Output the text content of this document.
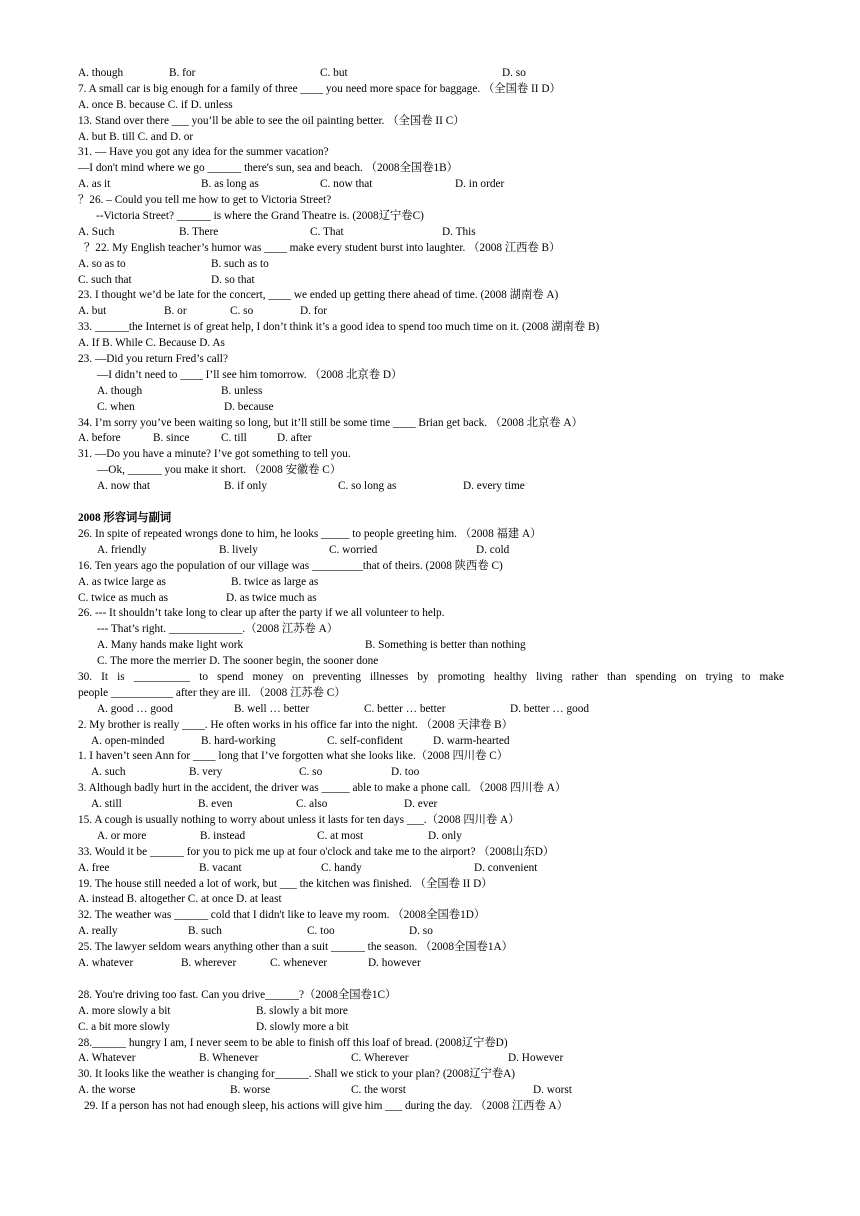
A. though	B. for	C. but	D. so
7. A small car is big enough for a family of three ____ you need more space for baggage. （全国卷 II D）
A. once B. because C. if D. unless
13. Stand over there ___ you’ll be able to see the oil painting better. （全国卷 II C）
A. but B. till C. and D. or
31. — Have you got any idea for the summer vacation?
—I don't mind where we go ______ there's sun, sea and beach. （2008全国卷1B）
A. as it	B. as long as	C. now that	D. in order
？26. – Could you tell me how to get to Victoria Street?
--Victoria Street? ______ is where the Grand Theatre is. (2008辽宁卷C)
A. Such	B. There	C. That	D. This
？22. My English teacher’s humor was ____ make every student burst into laughter. （2008 江西卷 B）
A. so as to	B. such as to
C. such that	D. so that
23. I thought we’d be late for the concert, ____ we ended up getting there ahead of time. (2008 湖南卷 A)
A. but	B. or	C. so	D. for
33. ______the Internet is of great help, I don’t think it’s a good idea to spend too much time on it. (2008 湖南卷 B)
A. If B. While C. Because D. As
23. —Did you return Fred’s call?
—I didn’t need to ____ I’ll see him tomorrow. （2008 北京卷 D）
A. though	B. unless
C. when	D. because
34. I’m sorry you’ve been waiting so long, but it’ll still be some time ____ Brian get back. （2008 北京卷 A）
A. before	B. since	C. till	D. after
31. —Do you have a minute? I’ve got something to tell you.
—Ok, ______ you make it short. （2008 安徽卷 C）
A. now that	B. if only	C. so long as	D. every time
2008 形容词与副词
26. In spite of repeated wrongs done to him, he looks _____ to people greeting him. （2008 福建 A）
A. friendly	B. lively	C. worried	D. cold
16. Ten years ago the population of our village was _________that of theirs. (2008 陕西卷 C)
A. as twice large as	B. twice as large as
C. twice as much as	D. as twice much as
26. --- It shouldn’t take long to clear up after the party if we all volunteer to help.
--- That’s right. _____________.（2008 江苏卷 A）
A. Many hands make light work	B. Something is better than nothing
C. The more the merrier D. The sooner begin, the sooner done
30. It is __________ to spend money on preventing illnesses by promoting healthy living rather than spending on trying to make
people ___________ after they are ill. （2008 江苏卷 C）
A. good … good	B. well … better	C. better … better	D. better … good
2. My brother is really ____. He often works in his office far into the night. （2008 天津卷 B）
A. open-minded	B. hard-working	C. self-confident	D. warm-hearted
1. I haven’t seen Ann for ____ long that I’ve forgotten what she looks like.（2008 四川卷 C）
A. such	B. very	C. so	D. too
3. Although badly hurt in the accident, the driver was _____ able to make a phone call. （2008 四川卷 A）
A. still	B. even	C. also	D. ever
15. A cough is usually nothing to worry about unless it lasts for ten days ___.（2008 四川卷 A）
A. or more	B. instead	C. at most	D. only
33. Would it be ______ for you to pick me up at four o'clock and take me to the airport? （2008山东D）
A. free	B. vacant	C. handy	D. convenient
19. The house still needed a lot of work, but ___ the kitchen was finished. （全国卷 II D）
A. instead B. altogether C. at once D. at least
32. The weather was ______ cold that I didn't like to leave my room. （2008全国卷1D）
A. really	B. such	C. too	D. so
25. The lawyer seldom wears anything other than a suit ______ the season. （2008全国卷1A）
A. whatever	B. wherever	C. whenever	D. however
28. You're driving too fast. Can you drive______?（2008全国卷1C）
A. more slowly a bit	B. slowly a bit more
C. a bit more slowly	D. slowly more a bit
28.______ hungry I am, I never seem to be able to finish off this loaf of bread. (2008辽宁卷D)
A. Whatever	B. Whenever	C. Wherever	D. However
30. It looks like the weather is changing for______. Shall we stick to your plan? (2008辽宁卷A)
A. the worse	B. worse	C. the worst	D. worst
29. If a person has not had enough sleep, his actions will give him ___ during the day. （2008 江西卷 A）
